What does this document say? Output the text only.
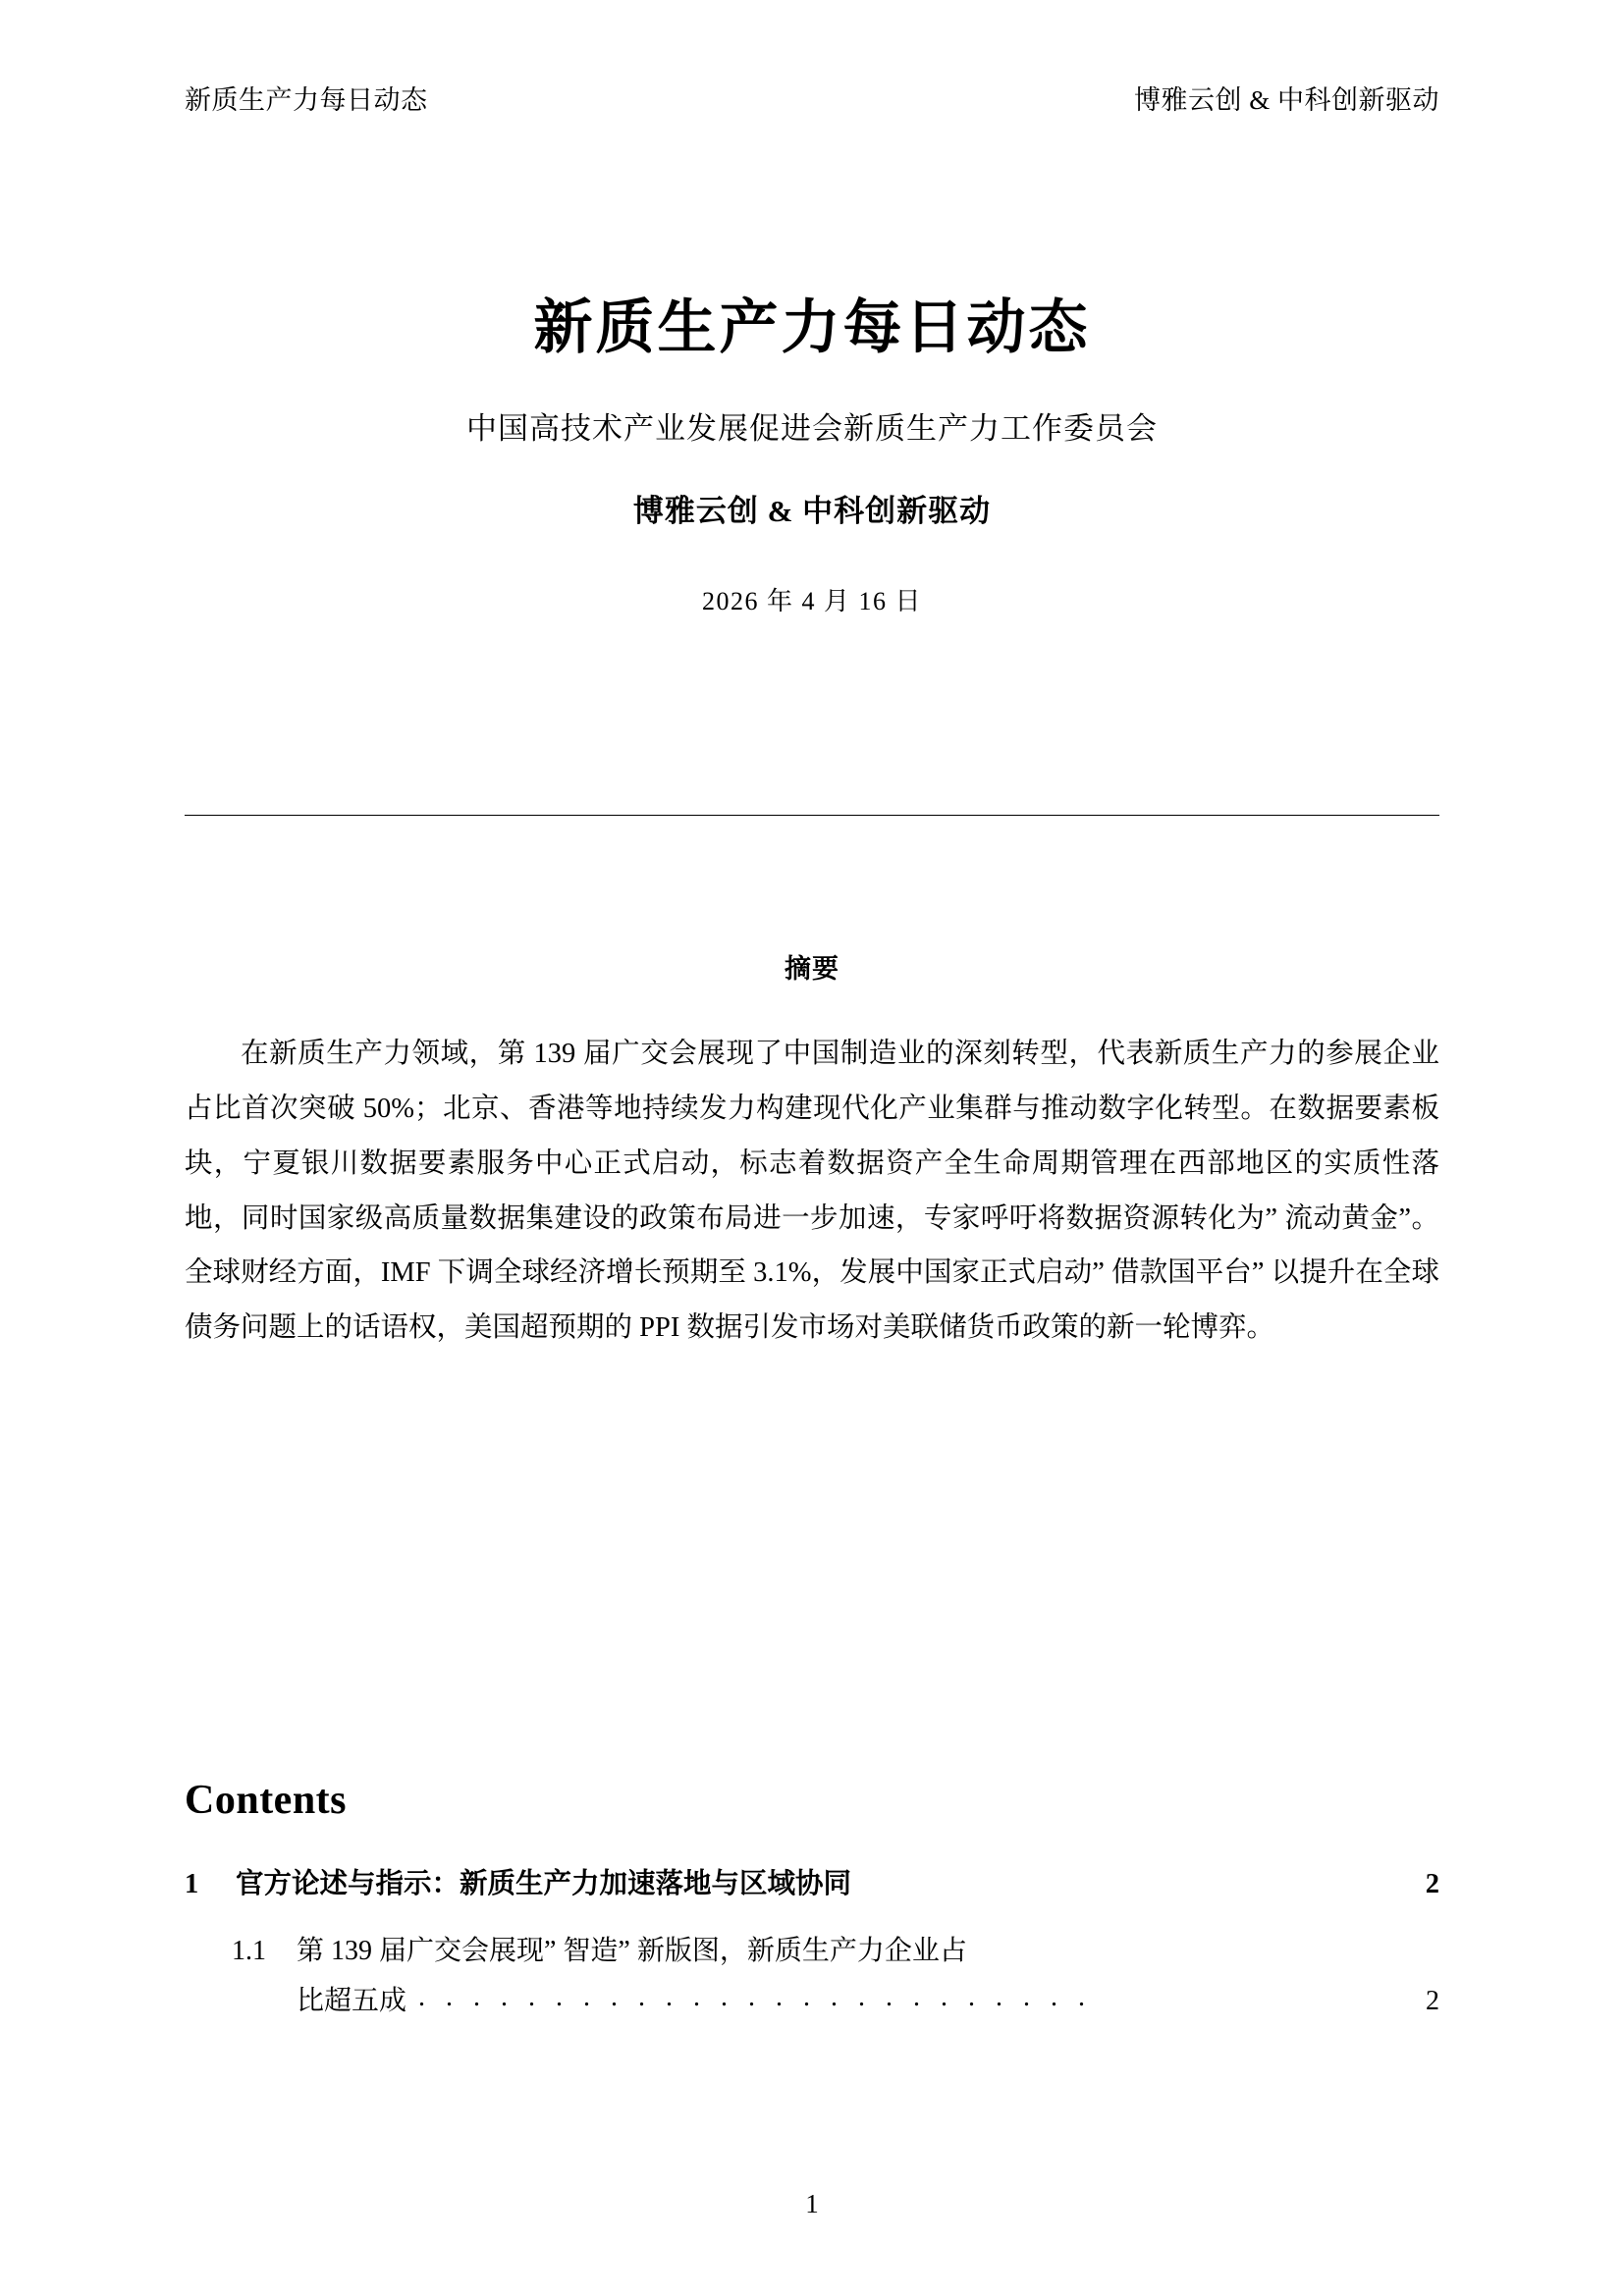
新质生产力每日动态	博雅云创 & 中科创新驱动
新质生产力每日动态
中国高技术产业发展促进会新质生产力工作委员会
博雅云创 & 中科创新驱动
2026 年 4 月 16 日
摘要

在新质生产力领域，第 139 届广交会展现了中国制造业的深刻转型，代表新质生产力的参展企业占比首次突破 50%；北京、香港等地持续发力构建现代化产业集群与推动数字化转型。在数据要素板块，宁夏银川数据要素服务中心正式启动，标志着数据资产全生命周期管理在西部地区的实质性落地，同时国家级高质量数据集建设的政策布局进一步加速，专家呼吁将数据资源转化为” 流动黄金”。全球财经方面，IMF 下调全球经济增长预期至 3.1%，发展中国家正式启动” 借款国平台” 以提升在全球债务问题上的话语权，美国超预期的 PPI 数据引发市场对美联储货币政策的新一轮博弈。

Contents
1	官方论述与指示：新质生产力加速落地与区域协同	2
1.1	第 139 届广交会展现” 智造” 新版图，新质生产力企业占
比超五成 . . . . . . . . . . . . . . . . . . . . . . . . .	2
1
